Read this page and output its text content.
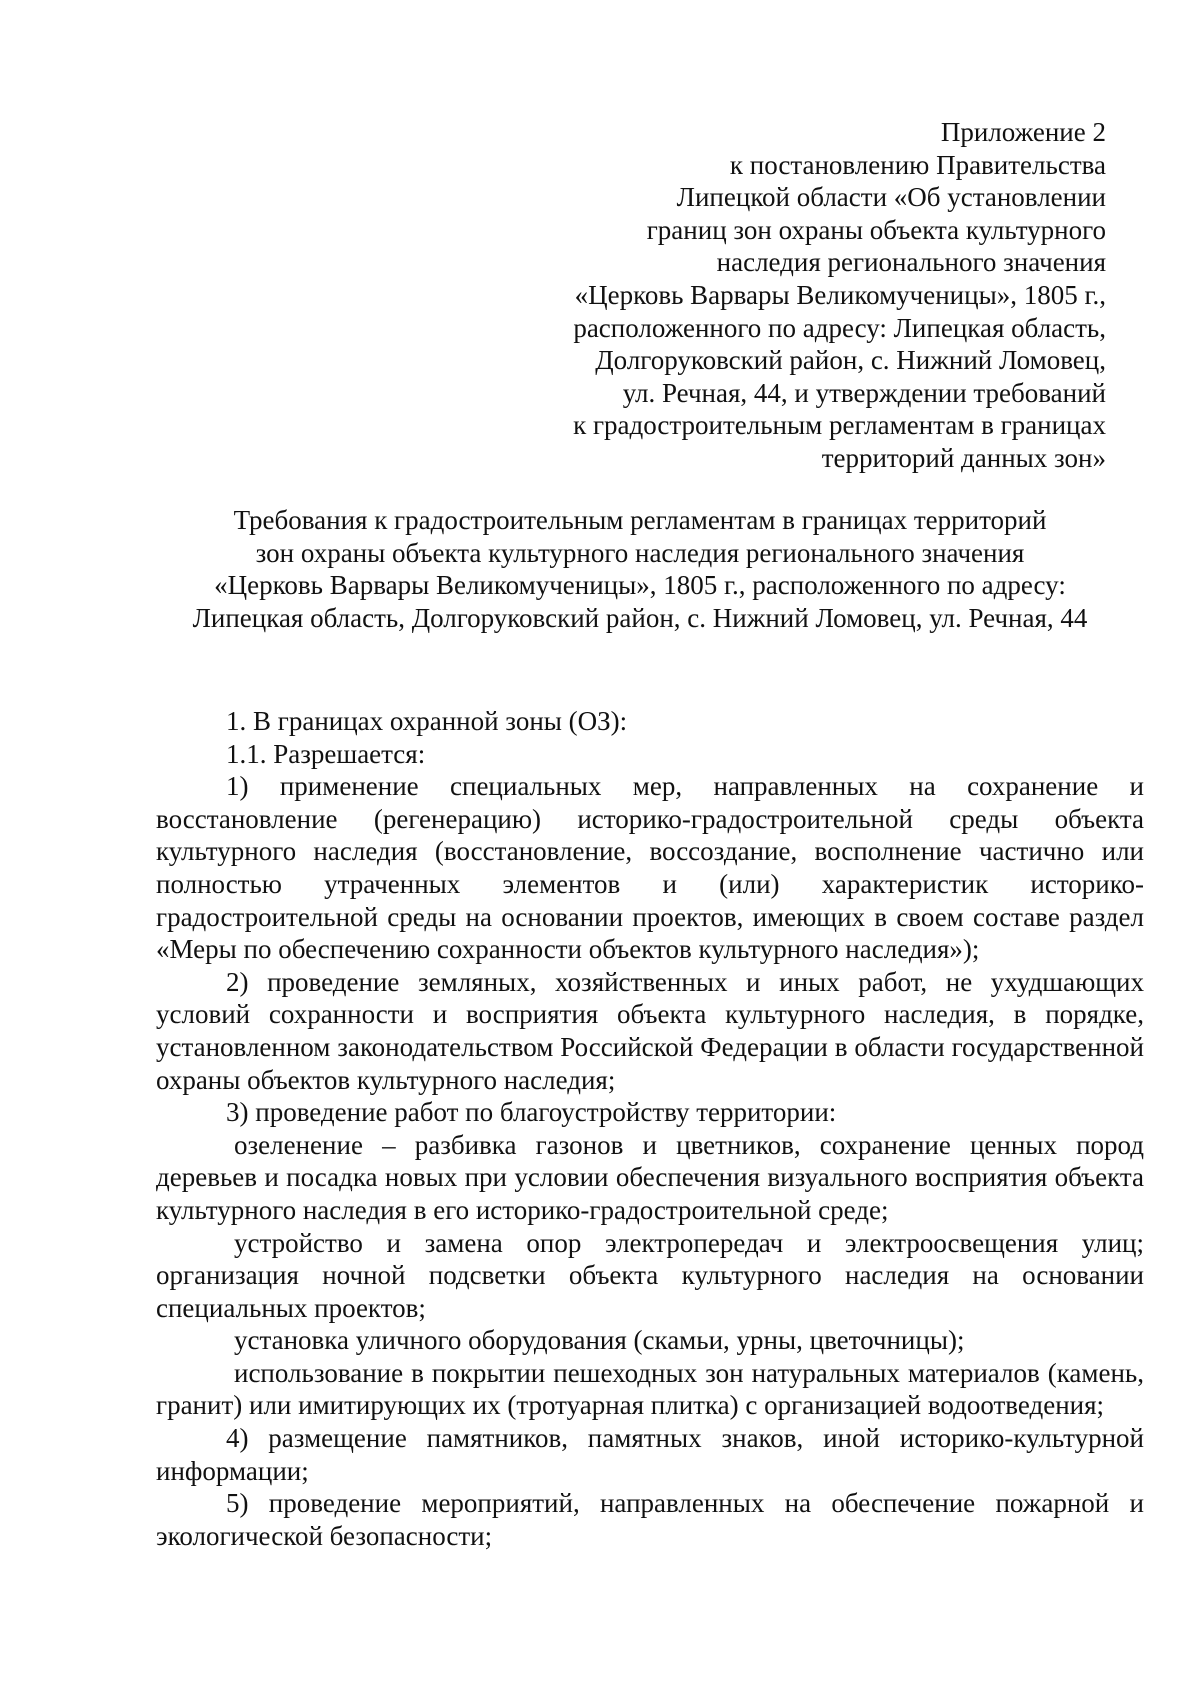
Приложение 2
к постановлению Правительства
Липецкой области «Об установлении
границ зон охраны объекта культурного
наследия регионального значения
«Церковь Варвары Великомученицы», 1805 г.,
расположенного по адресу: Липецкая область,
Долгоруковский район, с. Нижний Ломовец,
ул. Речная, 44, и утверждении требований
к градостроительным регламентам в границах
территорий данных зон»
Требования к градостроительным регламентам в границах территорий
зон охраны объекта культурного наследия регионального значения
«Церковь Варвары Великомученицы», 1805 г., расположенного по адресу:
Липецкая область, Долгоруковский район, с. Нижний Ломовец, ул. Речная, 44

1. В границах охранной зоны (ОЗ):

1.1. Разрешается:

1) применение специальных мер, направленных на сохранение и восстановление (регенерацию) историко-градостроительной среды объекта культурного наследия (восстановление, воссоздание, восполнение частично или полностью утраченных элементов и (или) характеристик историко-градостроительной среды на основании проектов, имеющих в своем составе раздел «Меры по обеспечению сохранности объектов культурного наследия»);

2) проведение земляных, хозяйственных и иных работ, не ухудшающих условий сохранности и восприятия объекта культурного наследия, в порядке, установленном законодательством Российской Федерации в области государственной охраны объектов культурного наследия;

3) проведение работ по благоустройству территории:

озеленение – разбивка газонов и цветников, сохранение ценных пород деревьев и посадка новых при условии обеспечения визуального восприятия объекта культурного наследия в его историко-градостроительной среде;

устройство и замена опор электропередач и электроосвещения улиц; организация ночной подсветки объекта культурного наследия на основании специальных проектов;

установка уличного оборудования (скамьи, урны, цветочницы);

использование в покрытии пешеходных зон натуральных материалов (камень, гранит) или имитирующих их (тротуарная плитка) с организацией водоотведения;

4) размещение памятников, памятных знаков, иной историко-культурной информации;

5) проведение мероприятий, направленных на обеспечение пожарной и экологической безопасности;
